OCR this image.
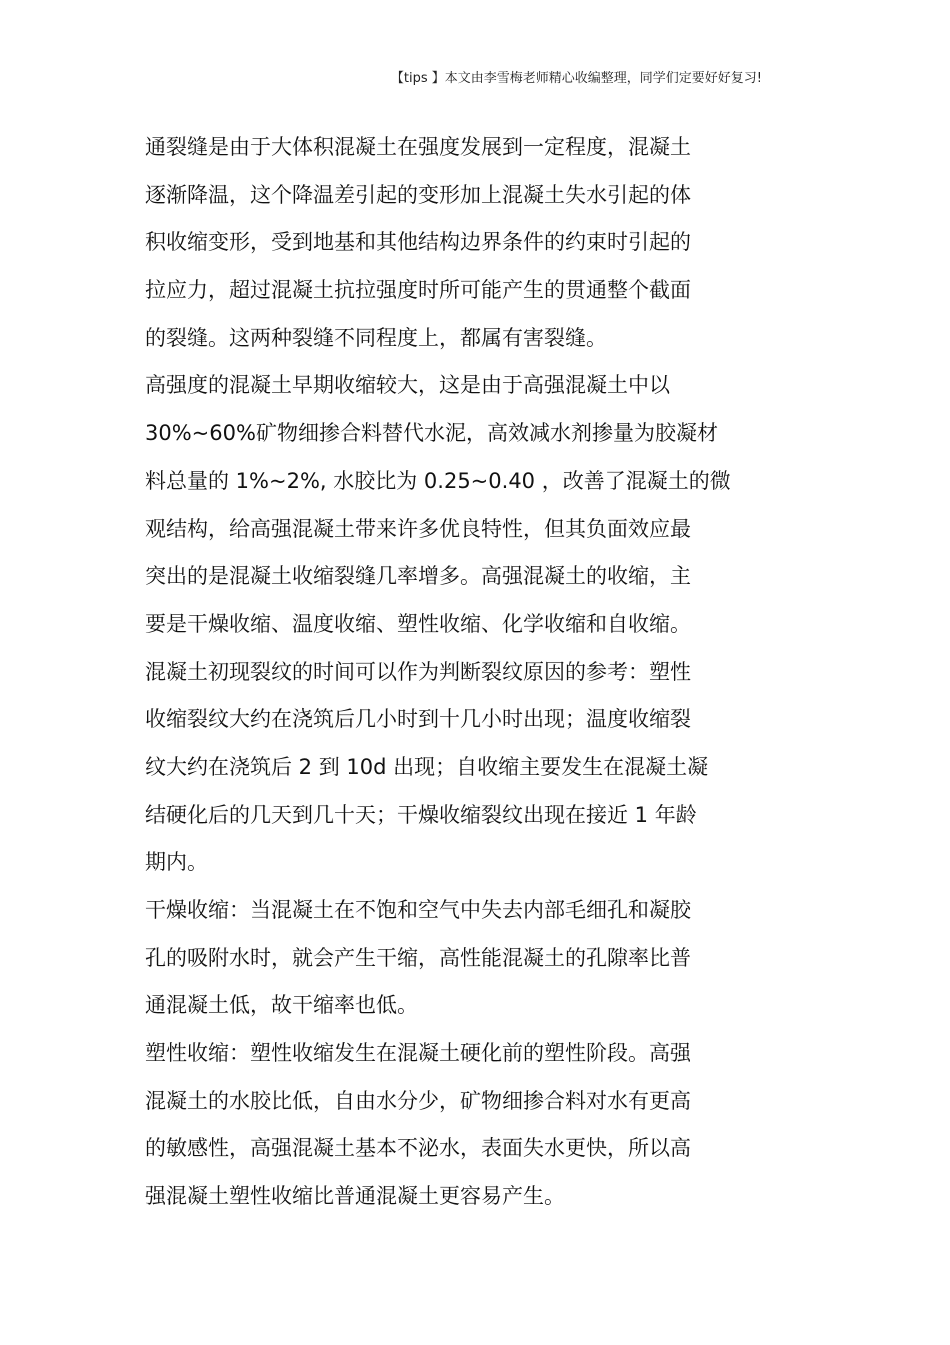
【tips 】本文由李雪梅老师精心收编整理，同学们定要好好复习!
通裂缝是由于大体积混凝土在强度发展到一定程度，混凝土
逐渐降温，这个降温差引起的变形加上混凝土失水引起的体
积收缩变形，受到地基和其他结构边界条件的约束时引起的
拉应力，超过混凝土抗拉强度时所可能产生的贯通整个截面
的裂缝。这两种裂缝不同程度上，都属有害裂缝。
高强度的混凝土早期收缩较大，这是由于高强混凝土中以
30%~60%矿物细掺合料替代水泥，高效减水剂掺量为胶凝材
料总量的 1%~2%, 水胶比为 0.25~0.40 ，改善了混凝土的微
观结构，给高强混凝土带来许多优良特性，但其负面效应最
突出的是混凝土收缩裂缝几率增多。高强混凝土的收缩，主
要是干燥收缩、温度收缩、塑性收缩、化学收缩和自收缩。
混凝土初现裂纹的时间可以作为判断裂纹原因的参考：塑性
收缩裂纹大约在浇筑后几小时到十几小时出现；温度收缩裂
纹大约在浇筑后 2 到 10d 出现；自收缩主要发生在混凝土凝
结硬化后的几天到几十天；干燥收缩裂纹出现在接近 1 年龄
期内。
干燥收缩：当混凝土在不饱和空气中失去内部毛细孔和凝胶
孔的吸附水时，就会产生干缩，高性能混凝土的孔隙率比普
通混凝土低，故干缩率也低。
塑性收缩：塑性收缩发生在混凝土硬化前的塑性阶段。高强
混凝土的水胶比低，自由水分少，矿物细掺合料对水有更高
的敏感性，高强混凝土基本不泌水，表面失水更快，所以高
强混凝土塑性收缩比普通混凝土更容易产生。
